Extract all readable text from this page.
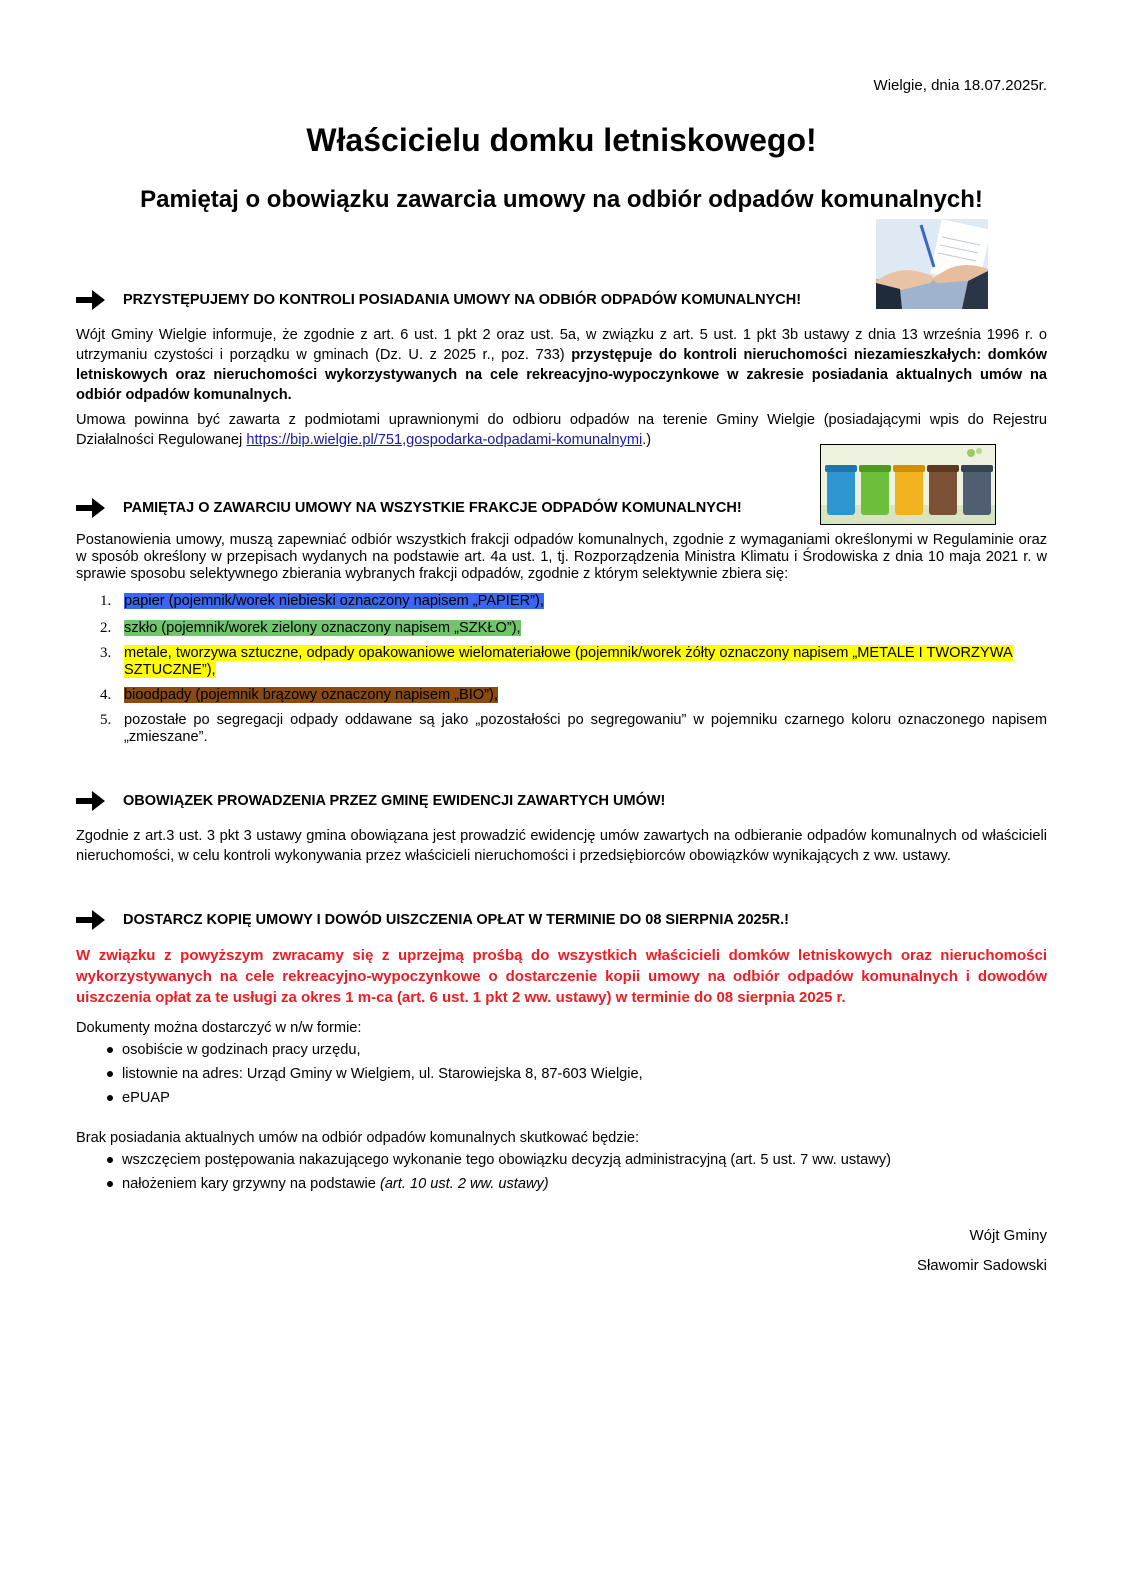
Wielgie, dnia 18.07.2025r.
Właścicielu domku letniskowego!
Pamiętaj o obowiązku zawarcia umowy na odbiór odpadów komunalnych!
PRZYSTĘPUJEMY DO KONTROLI POSIADANIA UMOWY NA ODBIÓR ODPADÓW KOMUNALNYCH!
Wójt Gminy Wielgie informuje, że zgodnie z art. 6 ust. 1 pkt 2 oraz ust. 5a, w związku z art. 5 ust. 1 pkt 3b ustawy z dnia 13 września 1996 r. o utrzymaniu czystości i porządku w gminach (Dz. U. z 2025 r., poz. 733) przystępuje do kontroli nieruchomości niezamieszkałych: domków letniskowych oraz nieruchomości wykorzystywanych na cele rekreacyjno-wypoczynkowe w zakresie posiadania aktualnych umów na odbiór odpadów komunalnych.
Umowa powinna być zawarta z podmiotami uprawnionymi do odbioru odpadów na terenie Gminy Wielgie (posiadającymi wpis do Rejestru Działalności Regulowanej https://bip.wielgie.pl/751,gospodarka-odpadami-komunalnymi.)
PAMIĘTAJ O ZAWARCIU UMOWY NA WSZYSTKIE FRAKCJE ODPADÓW KOMUNALNYCH!
Postanowienia umowy, muszą zapewniać odbiór wszystkich frakcji odpadów komunalnych, zgodnie z wymaganiami określonymi w Regulaminie oraz w sposób określony w przepisach wydanych na podstawie art. 4a ust. 1, tj. Rozporządzenia Ministra Klimatu i Środowiska z dnia 10 maja 2021 r. w sprawie sposobu selektywnego zbierania wybranych frakcji odpadów, zgodnie z którym selektywnie zbiera się:
1. papier (pojemnik/worek niebieski oznaczony napisem „PAPIER”),
2. szkło (pojemnik/worek zielony oznaczony napisem „SZKŁO”),
3. metale, tworzywa sztuczne, odpady opakowaniowe wielomateriałowe (pojemnik/worek żółty oznaczony napisem „METALE I TWORZYWA SZTUCZNE”),
4. bioodpady (pojemnik brązowy oznaczony napisem „BIO”),
5. pozostałe po segregacji odpady oddawane są jako „pozostałości po segregowaniu” w pojemniku czarnego koloru oznaczonego napisem „zmieszane”.
OBOWIĄZEK PROWADZENIA PRZEZ GMINĘ EWIDENCJI ZAWARTYCH UMÓW!
Zgodnie z art.3 ust. 3 pkt 3 ustawy gmina obowiązana jest prowadzić ewidencję umów zawartych na odbieranie odpadów komunalnych od właścicieli nieruchomości, w celu kontroli wykonywania przez właścicieli nieruchomości i przedsiębiorców obowiązków wynikających z ww. ustawy.
DOSTARCZ KOPIĘ UMOWY I DOWÓD UISZCZENIA OPŁAT W TERMINIE DO 08 SIERPNIA 2025R.!
W związku z powyższym zwracamy się z uprzejmą prośbą do wszystkich właścicieli domków letniskowych oraz nieruchomości wykorzystywanych na cele rekreacyjno-wypoczynkowe o dostarczenie kopii umowy na odbiór odpadów komunalnych i dowodów uiszczenia opłat za te usługi za okres 1 m-ca (art. 6 ust. 1 pkt 2 ww. ustawy) w terminie do 08 sierpnia 2025 r.
Dokumenty można dostarczyć w n/w formie:
osobiście w godzinach pracy urzędu,
listownie na adres: Urząd Gminy w Wielgiem, ul. Starowiejska 8, 87-603 Wielgie,
ePUAP
Brak posiadania aktualnych umów na odbiór odpadów komunalnych skutkować będzie:
wszczęciem postępowania nakazującego wykonanie tego obowiązku decyzją administracyjną (art. 5 ust. 7 ww. ustawy)
nałożeniem kary grzywny na podstawie (art. 10 ust. 2 ww. ustawy)
Wójt Gminy
Sławomir Sadowski
